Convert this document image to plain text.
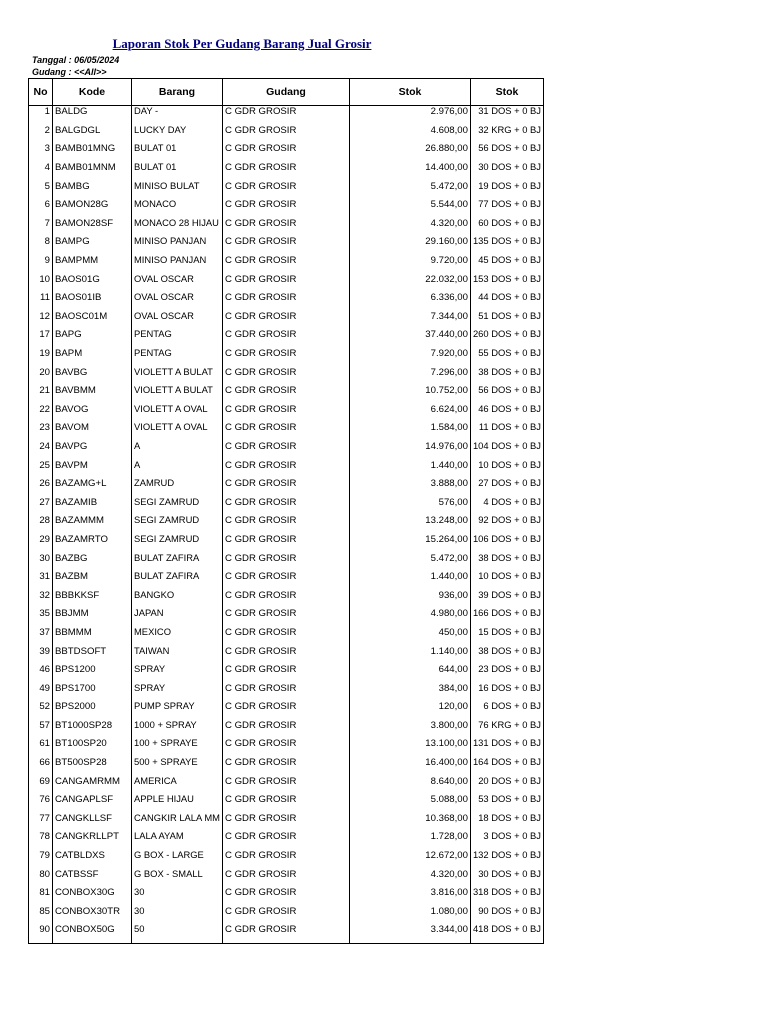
Laporan Stok Per Gudang Barang Jual Grosir
Tanggal : 06/05/2024
Gudang : <<All>>
No	Kode	Barang	Gudang	Stok	Stok

1	BALDG	DAY -	C GDR GROSIR	2.976,00	31 DOS + 0 BJ

2	BALGDGL	LUCKY DAY	C GDR GROSIR	4.608,00	32 KRG + 0 BJ

3	BAMB01MNG	BULAT 01	C GDR GROSIR	26.880,00	56 DOS + 0 BJ

4	BAMB01MNM	BULAT 01	C GDR GROSIR	14.400,00	30 DOS + 0 BJ

5	BAMBG	MINISO BULAT	C GDR GROSIR	5.472,00	19 DOS + 0 BJ

6	BAMON28G	MONACO	C GDR GROSIR	5.544,00	77 DOS + 0 BJ

7	BAMON28SF	MONACO 28 HIJAU	C GDR GROSIR	4.320,00	60 DOS + 0 BJ

8	BAMPG	MINISO PANJAN	C GDR GROSIR	29.160,00	135 DOS + 0 BJ

9	BAMPMM	MINISO PANJAN	C GDR GROSIR	9.720,00	45 DOS + 0 BJ

10	BAOS01G	OVAL OSCAR	C GDR GROSIR	22.032,00	153 DOS + 0 BJ

11	BAOS01IB	OVAL OSCAR	C GDR GROSIR	6.336,00	44 DOS + 0 BJ

12	BAOSC01M	OVAL OSCAR	C GDR GROSIR	7.344,00	51 DOS + 0 BJ

17	BAPG	PENTAG	C GDR GROSIR	37.440,00	260 DOS + 0 BJ

19	BAPM	PENTAG	C GDR GROSIR	7.920,00	55 DOS + 0 BJ

20	BAVBG	VIOLETT A BULAT	C GDR GROSIR	7.296,00	38 DOS + 0 BJ

21	BAVBMM	VIOLETT A BULAT	C GDR GROSIR	10.752,00	56 DOS + 0 BJ

22	BAVOG	VIOLETT A OVAL	C GDR GROSIR	6.624,00	46 DOS + 0 BJ

23	BAVOM	VIOLETT A OVAL	C GDR GROSIR	1.584,00	11 DOS + 0 BJ

24	BAVPG	A	C GDR GROSIR	14.976,00	104 DOS + 0 BJ

25	BAVPM	A	C GDR GROSIR	1.440,00	10 DOS + 0 BJ

26	BAZAMG+L	ZAMRUD	C GDR GROSIR	3.888,00	27 DOS + 0 BJ

27	BAZAMIB	SEGI ZAMRUD	C GDR GROSIR	576,00	4 DOS + 0 BJ

28	BAZAMMM	SEGI ZAMRUD	C GDR GROSIR	13.248,00	92 DOS + 0 BJ

29	BAZAMRTO	SEGI ZAMRUD	C GDR GROSIR	15.264,00	106 DOS + 0 BJ

30	BAZBG	BULAT ZAFIRA	C GDR GROSIR	5.472,00	38 DOS + 0 BJ

31	BAZBM	BULAT ZAFIRA	C GDR GROSIR	1.440,00	10 DOS + 0 BJ

32	BBBKKSF	BANGKO	C GDR GROSIR	936,00	39 DOS + 0 BJ

35	BBJMM	JAPAN	C GDR GROSIR	4.980,00	166 DOS + 0 BJ

37	BBMMM	MEXICO	C GDR GROSIR	450,00	15 DOS + 0 BJ

39	BBTDSOFT	TAIWAN	C GDR GROSIR	1.140,00	38 DOS + 0 BJ

46	BPS1200	SPRAY	C GDR GROSIR	644,00	23 DOS + 0 BJ

49	BPS1700	SPRAY	C GDR GROSIR	384,00	16 DOS + 0 BJ

52	BPS2000	PUMP SPRAY	C GDR GROSIR	120,00	6 DOS + 0 BJ

57	BT1000SP28	1000 + SPRAY	C GDR GROSIR	3.800,00	76 KRG + 0 BJ

61	BT100SP20	100 + SPRAYE	C GDR GROSIR	13.100,00	131 DOS + 0 BJ

66	BT500SP28	500 + SPRAYE	C GDR GROSIR	16.400,00	164 DOS + 0 BJ

69	CANGAMRMM	AMERICA	C GDR GROSIR	8.640,00	20 DOS + 0 BJ

76	CANGAPLSF	APPLE HIJAU	C GDR GROSIR	5.088,00	53 DOS + 0 BJ

77	CANGKLLSF	CANGKIR LALA MM	C GDR GROSIR	10.368,00	18 DOS + 0 BJ

78	CANGKRLLPT	LALA AYAM	C GDR GROSIR	1.728,00	3 DOS + 0 BJ

79	CATBLDXS	G BOX - LARGE	C GDR GROSIR	12.672,00	132 DOS + 0 BJ

80	CATBSSF	G BOX - SMALL	C GDR GROSIR	4.320,00	30 DOS + 0 BJ

81	CONBOX30G	30	C GDR GROSIR	3.816,00	318 DOS + 0 BJ

85	CONBOX30TR	30	C GDR GROSIR	1.080,00	90 DOS + 0 BJ

90	CONBOX50G	50	C GDR GROSIR	3.344,00	418 DOS + 0 BJ
